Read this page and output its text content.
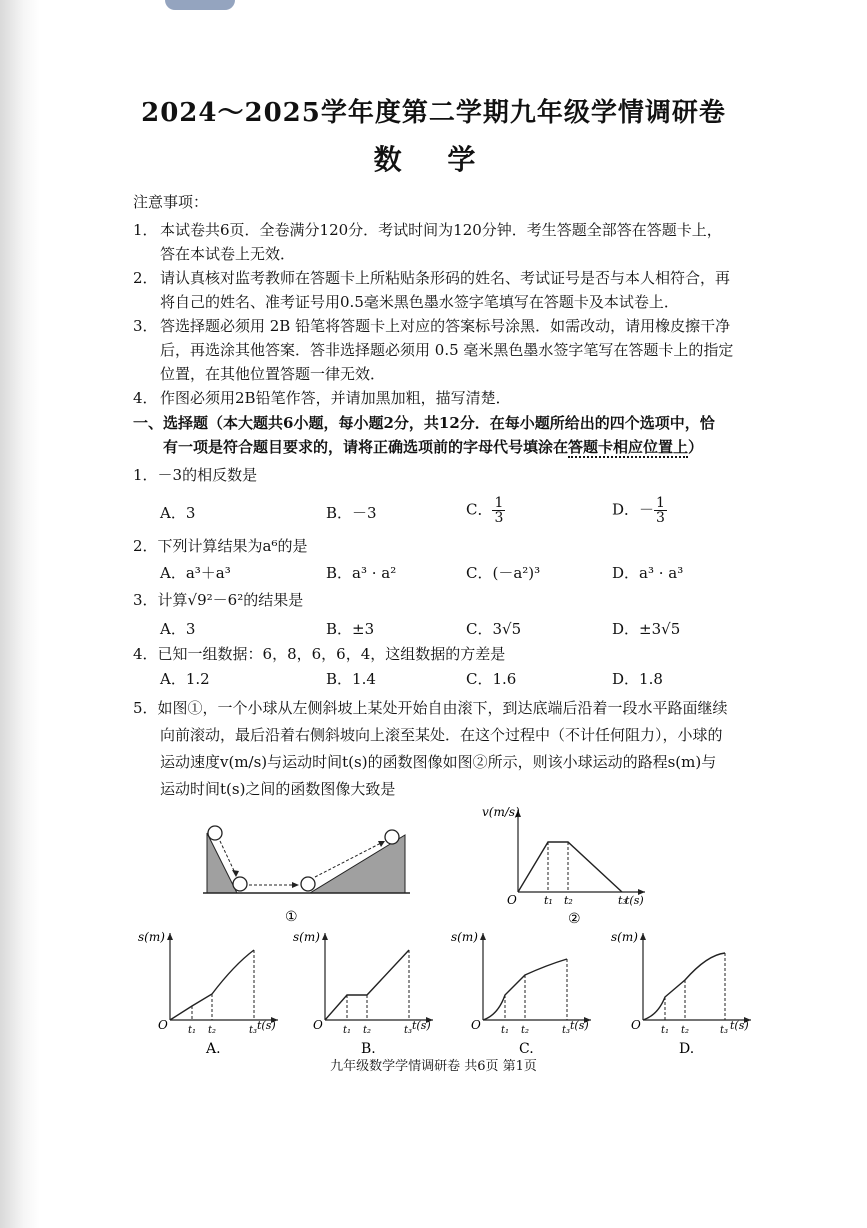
2024～2025学年度第二学期九年级学情调研卷
数 学
注意事项：
1． 本试卷共6页．全卷满分120分．考试时间为120分钟．考生答题全部答在答题卡上，
答在本试卷上无效．
2． 请认真核对监考教师在答题卡上所粘贴条形码的姓名、考试证号是否与本人相符合，再
将自己的姓名、准考证号用0.5毫米黑色墨水签字笔填写在答题卡及本试卷上．
3． 答选择题必须用 2B 铅笔将答题卡上对应的答案标号涂黑．如需改动，请用橡皮擦干净
后，再选涂其他答案．答非选择题必须用 0.5 毫米黑色墨水签字笔写在答题卡上的指定
位置，在其他位置答题一律无效．
4． 作图必须用2B铅笔作答，并请加黑加粗，描写清楚．
一、选择题（本大题共6小题，每小题2分，共12分．在每小题所给出的四个选项中，恰
有一项是符合题目要求的，请将正确选项前的字母代号填涂在答题卡相应位置上）
1．－3的相反数是
A．3	B．－3	C． $\frac{1}{3}$	D．－ $\frac{1}{3}$
2．下列计算结果为a⁶的是
A．a³＋a³	B．a³ · a²	C．(－a²)³	D．a³ · a³
3．计算√9²－6²的结果是
A．3	B．±3	C．3√5	D．±3√5
4．已知一组数据：6，8，6，6，4，这组数据的方差是
A．1.2	B．1.4	C．1.6	D．1.8
5．如图①，一个小球从左侧斜坡上某处开始自由滚下，到达底端后沿着一段水平路面继续
向前滚动，最后沿着右侧斜坡向上滚至某处．在这个过程中（不计任何阻力），小球的
运动速度v(m/s)与运动时间t(s)的函数图像如图②所示，则该小球运动的路程s(m)与
运动时间t(s)之间的函数图像大致是
①
v(m/s)
O t₁ t₂	t₃
t(s)
②
s(m)
O t₁ t₂	t₃ t(s)
A.
s(m)
O t₁ t₂	t₃ t(s)
B.
s(m)
O t₁ t₂	t₃ t(s)
C.
s(m)
O t₁ t₂	t₃ t(s)
D.
九年级数学学情调研卷 共6页 第1页
